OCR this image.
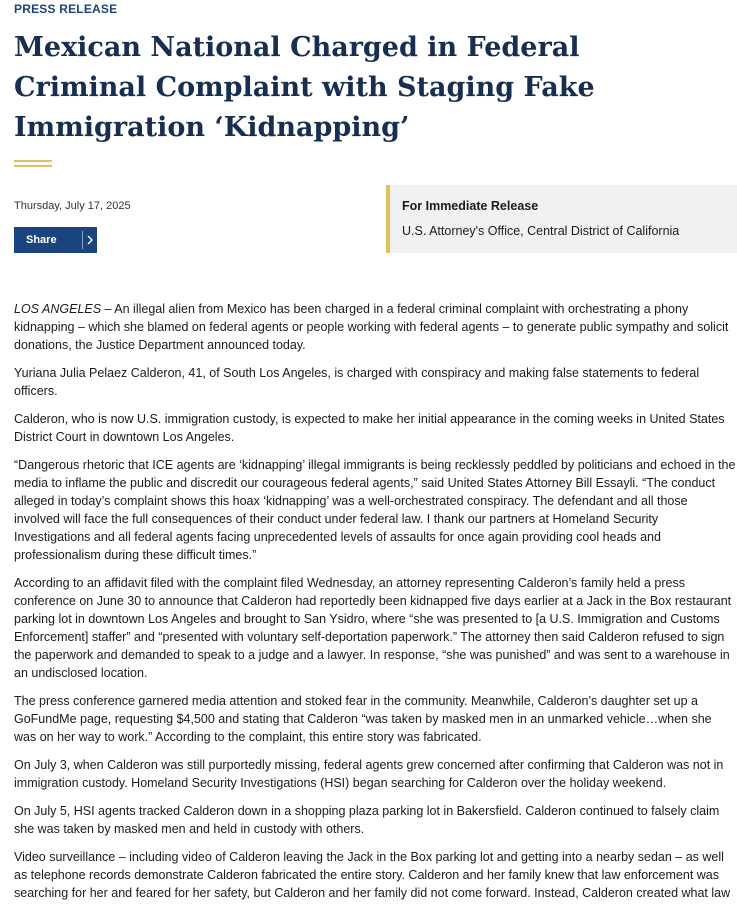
PRESS RELEASE
Mexican National Charged in Federal Criminal Complaint with Staging Fake Immigration ‘Kidnapping’
Thursday, July 17, 2025
Share
For Immediate Release
U.S. Attorney's Office, Central District of California

LOS ANGELES – An illegal alien from Mexico has been charged in a federal criminal complaint with orchestrating a phony kidnapping – which she blamed on federal agents or people working with federal agents – to generate public sympathy and solicit donations, the Justice Department announced today.

Yuriana Julia Pelaez Calderon, 41, of South Los Angeles, is charged with conspiracy and making false statements to federal officers.

Calderon, who is now U.S. immigration custody, is expected to make her initial appearance in the coming weeks in United States District Court in downtown Los Angeles.

“Dangerous rhetoric that ICE agents are ‘kidnapping’ illegal immigrants is being recklessly peddled by politicians and echoed in the media to inflame the public and discredit our courageous federal agents,” said United States Attorney Bill Essayli. “The conduct alleged in today’s complaint shows this hoax ‘kidnapping’ was a well-orchestrated conspiracy. The defendant and all those involved will face the full consequences of their conduct under federal law. I thank our partners at Homeland Security Investigations and all federal agents facing unprecedented levels of assaults for once again providing cool heads and professionalism during these difficult times.”

According to an affidavit filed with the complaint filed Wednesday, an attorney representing Calderon’s family held a press conference on June 30 to announce that Calderon had reportedly been kidnapped five days earlier at a Jack in the Box restaurant parking lot in downtown Los Angeles and brought to San Ysidro, where “she was presented to [a U.S. Immigration and Customs Enforcement] staffer” and “presented with voluntary self-deportation paperwork.” The attorney then said Calderon refused to sign the paperwork and demanded to speak to a judge and a lawyer. In response, “she was punished” and was sent to a warehouse in an undisclosed location.

The press conference garnered media attention and stoked fear in the community. Meanwhile, Calderon’s daughter set up a GoFundMe page, requesting $4,500 and stating that Calderon “was taken by masked men in an unmarked vehicle…when she was on her way to work.” According to the complaint, this entire story was fabricated.

On July 3, when Calderon was still purportedly missing, federal agents grew concerned after confirming that Calderon was not in immigration custody. Homeland Security Investigations (HSI) began searching for Calderon over the holiday weekend.

On July 5, HSI agents tracked Calderon down in a shopping plaza parking lot in Bakersfield. Calderon continued to falsely claim she was taken by masked men and held in custody with others.

Video surveillance – including video of Calderon leaving the Jack in the Box parking lot and getting into a nearby sedan – as well as telephone records demonstrate Calderon fabricated the entire story. Calderon and her family knew that law enforcement was searching for her and feared for her safety, but Calderon and her family did not come forward. Instead, Calderon created what law
